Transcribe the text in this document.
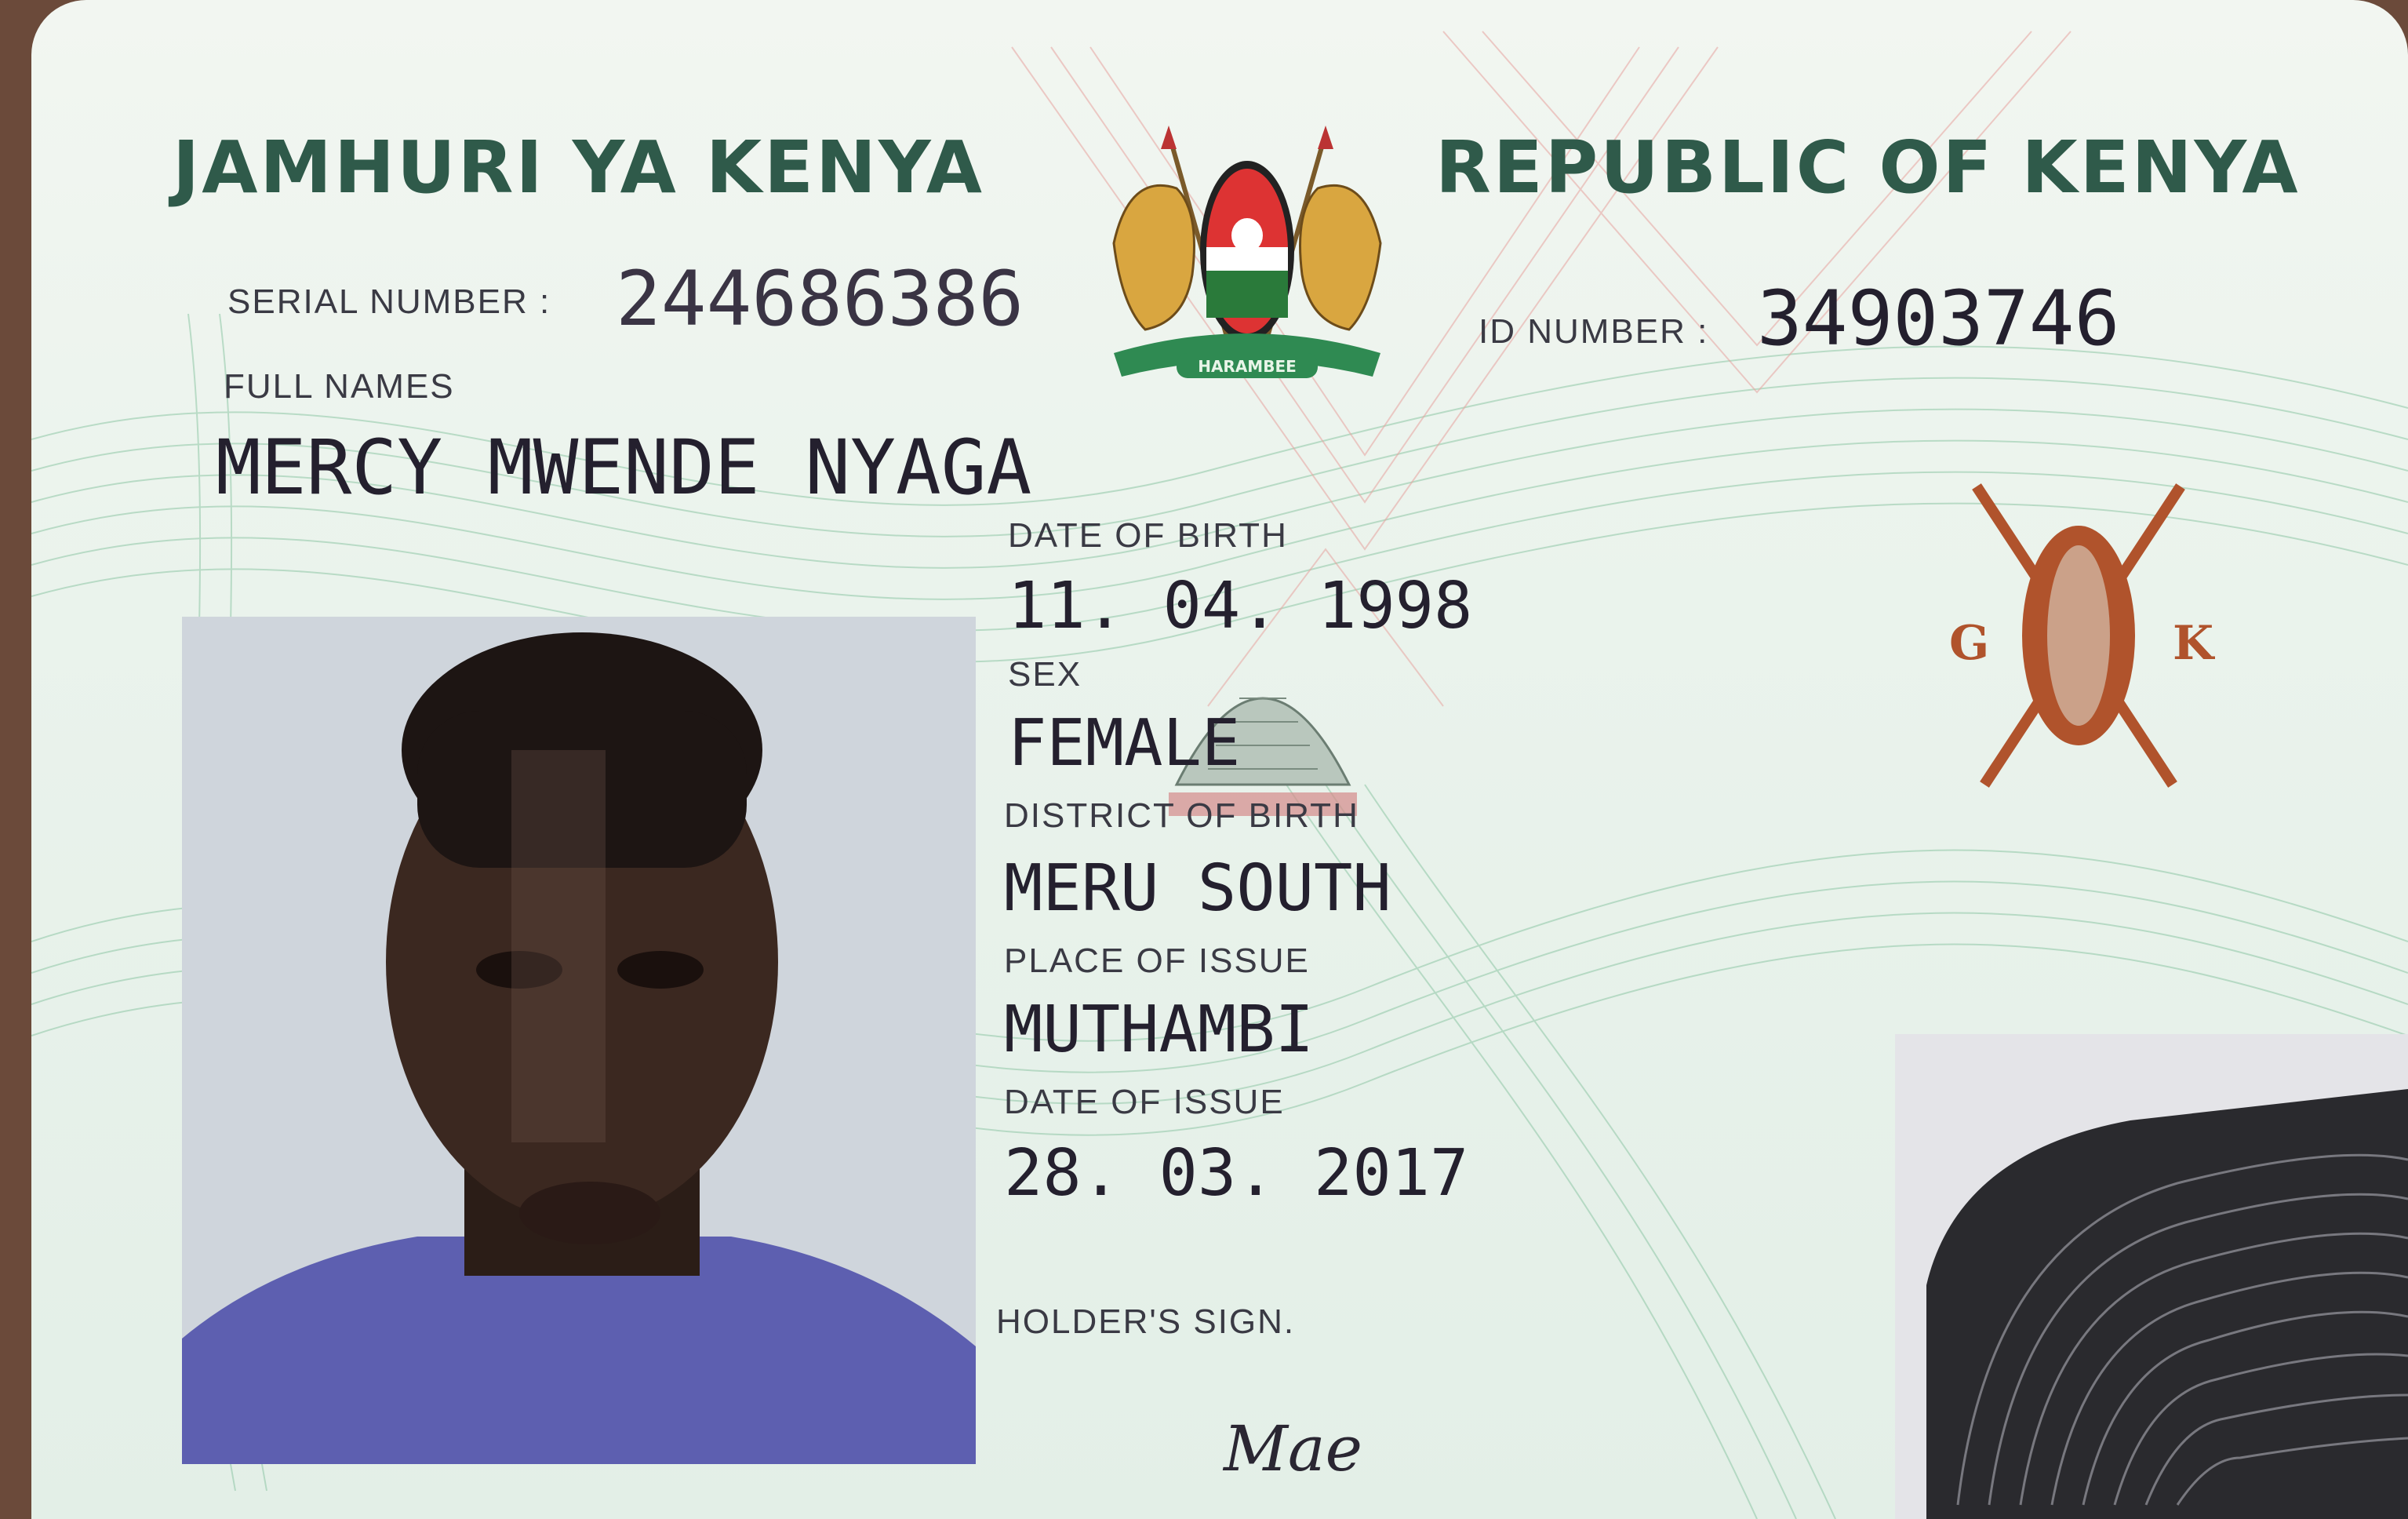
JAMHURI YA KENYA	REPUBLIC OF KENYA
HARAMBEE
SERIAL NUMBER : 244686386	ID NUMBER : 34903746
FULL NAMES
MERCY MWENDE NYAGA
G	K
DATE OF BIRTH
11. 04. 1998
SEX
FEMALE
DISTRICT OF BIRTH
MERU SOUTH
PLACE OF ISSUE
MUTHAMBI
DATE OF ISSUE
28. 03. 2017
HOLDER'S SIGN.
Mae
